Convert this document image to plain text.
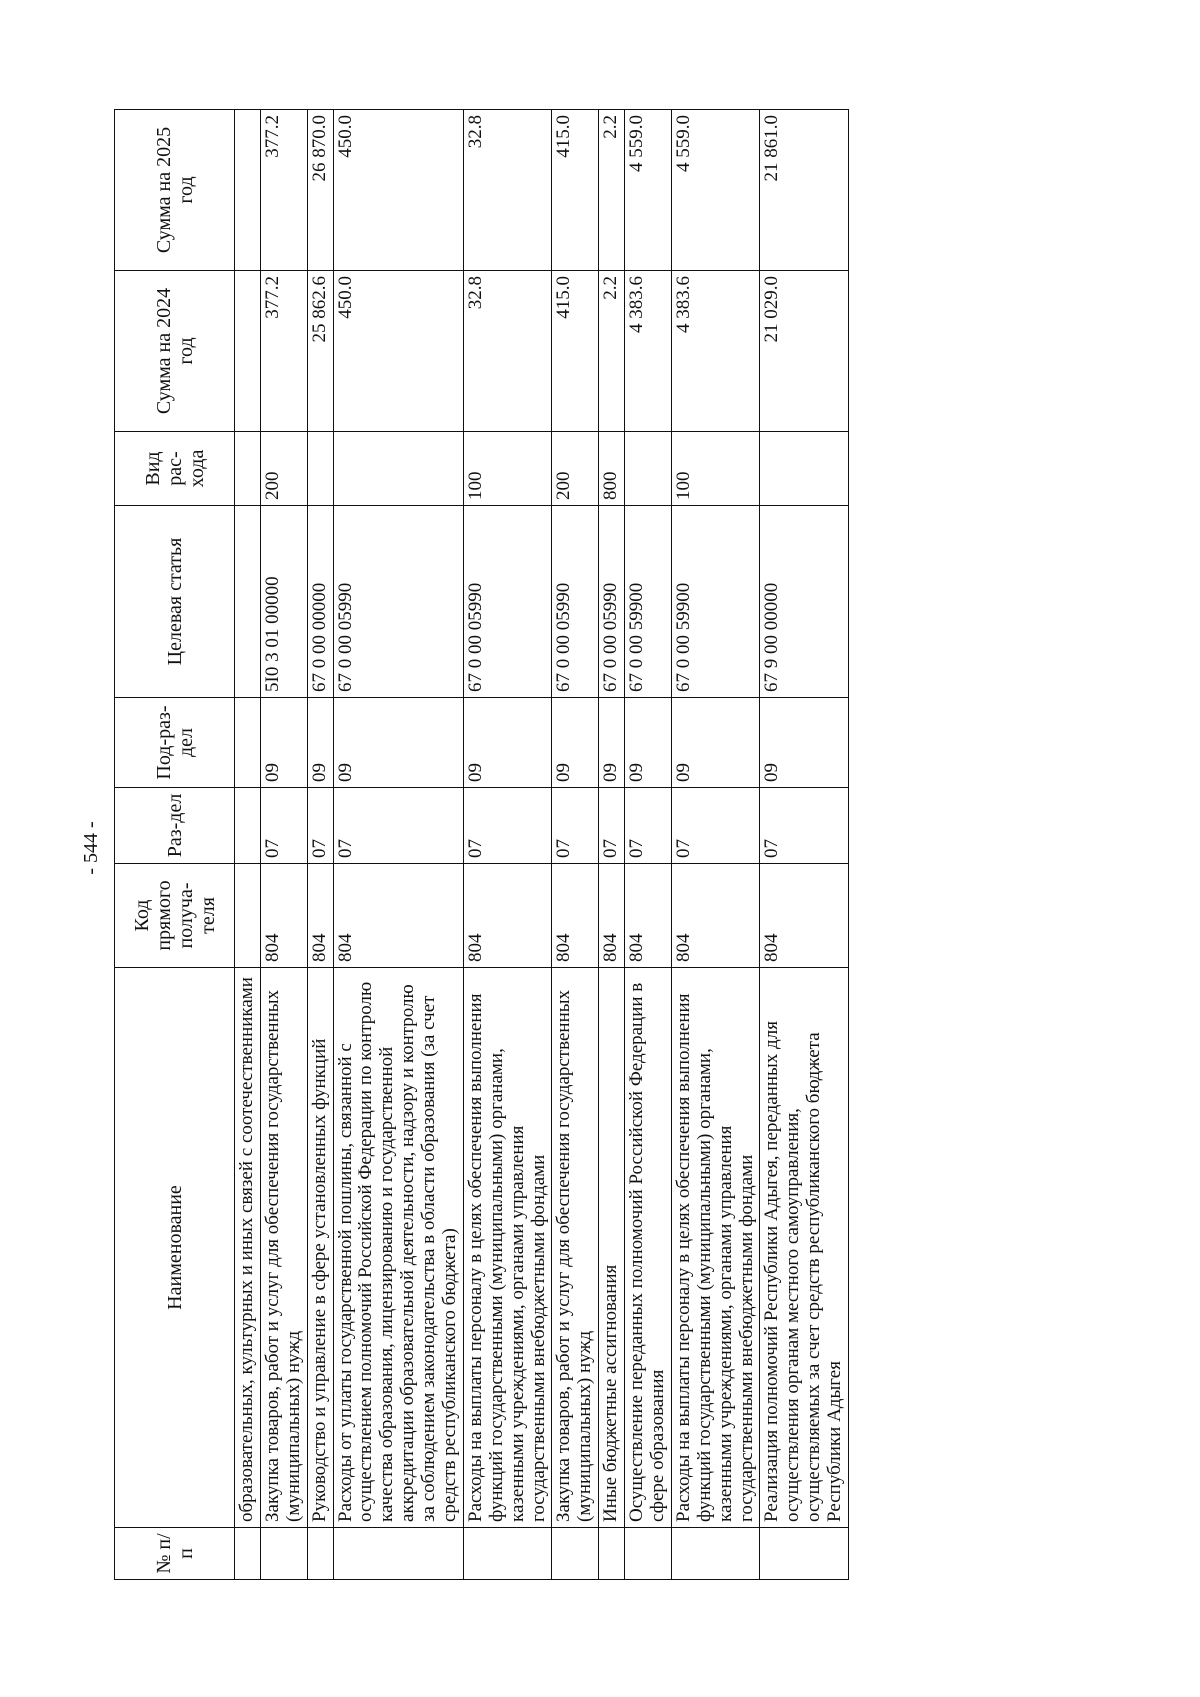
- 544 -
№ п/п	Наименование	Код прямого получа-теля	Раз-дел	Под-раз-дел	Целевая статья	Вид рас-хода	Сумма на 2024 год	Сумма на 2025 год
	образовательных, культурных и иных связей с соотечественниками							
	Закупка товаров, работ и услуг для обеспечения государственных (муниципальных) нужд	804	07	09	5I0 3 01 00000	200	377.2	377.2
	Руководство и управление в сфере установленных функций	804	07	09	67 0 00 00000		25 862.6	26 870.0
	Расходы от уплаты государственной пошлины, связанной с осуществлением полномочий Российской Федерации по контролю качества образования, лицензированию и государственной аккредитации образовательной деятельности, надзору и контролю за соблюдением законодательства в области образования (за счет средств республиканского бюджета)	804	07	09	67 0 00 05990		450.0	450.0
	Расходы на выплаты персоналу в целях обеспечения выполнения функций государственными (муниципальными) органами, казенными учреждениями, органами управления государственными внебюджетными фондами	804	07	09	67 0 00 05990	100	32.8	32.8
	Закупка товаров, работ и услуг для обеспечения государственных (муниципальных) нужд	804	07	09	67 0 00 05990	200	415.0	415.0
	Иные бюджетные ассигнования	804	07	09	67 0 00 05990	800	2.2	2.2
	Осуществление переданных полномочий Российской Федерации в сфере образования	804	07	09	67 0 00 59900		4 383.6	4 559.0
	Расходы на выплаты персоналу в целях обеспечения выполнения функций государственными (муниципальными) органами, казенными учреждениями, органами управления государственными внебюджетными фондами	804	07	09	67 0 00 59900	100	4 383.6	4 559.0
	Реализация полномочий Республики Адыгея, переданных для осуществления органам местного самоуправления, осуществляемых за счет средств республиканского бюджета Республики Адыгея	804	07	09	67 9 00 00000		21 029.0	21 861.0
